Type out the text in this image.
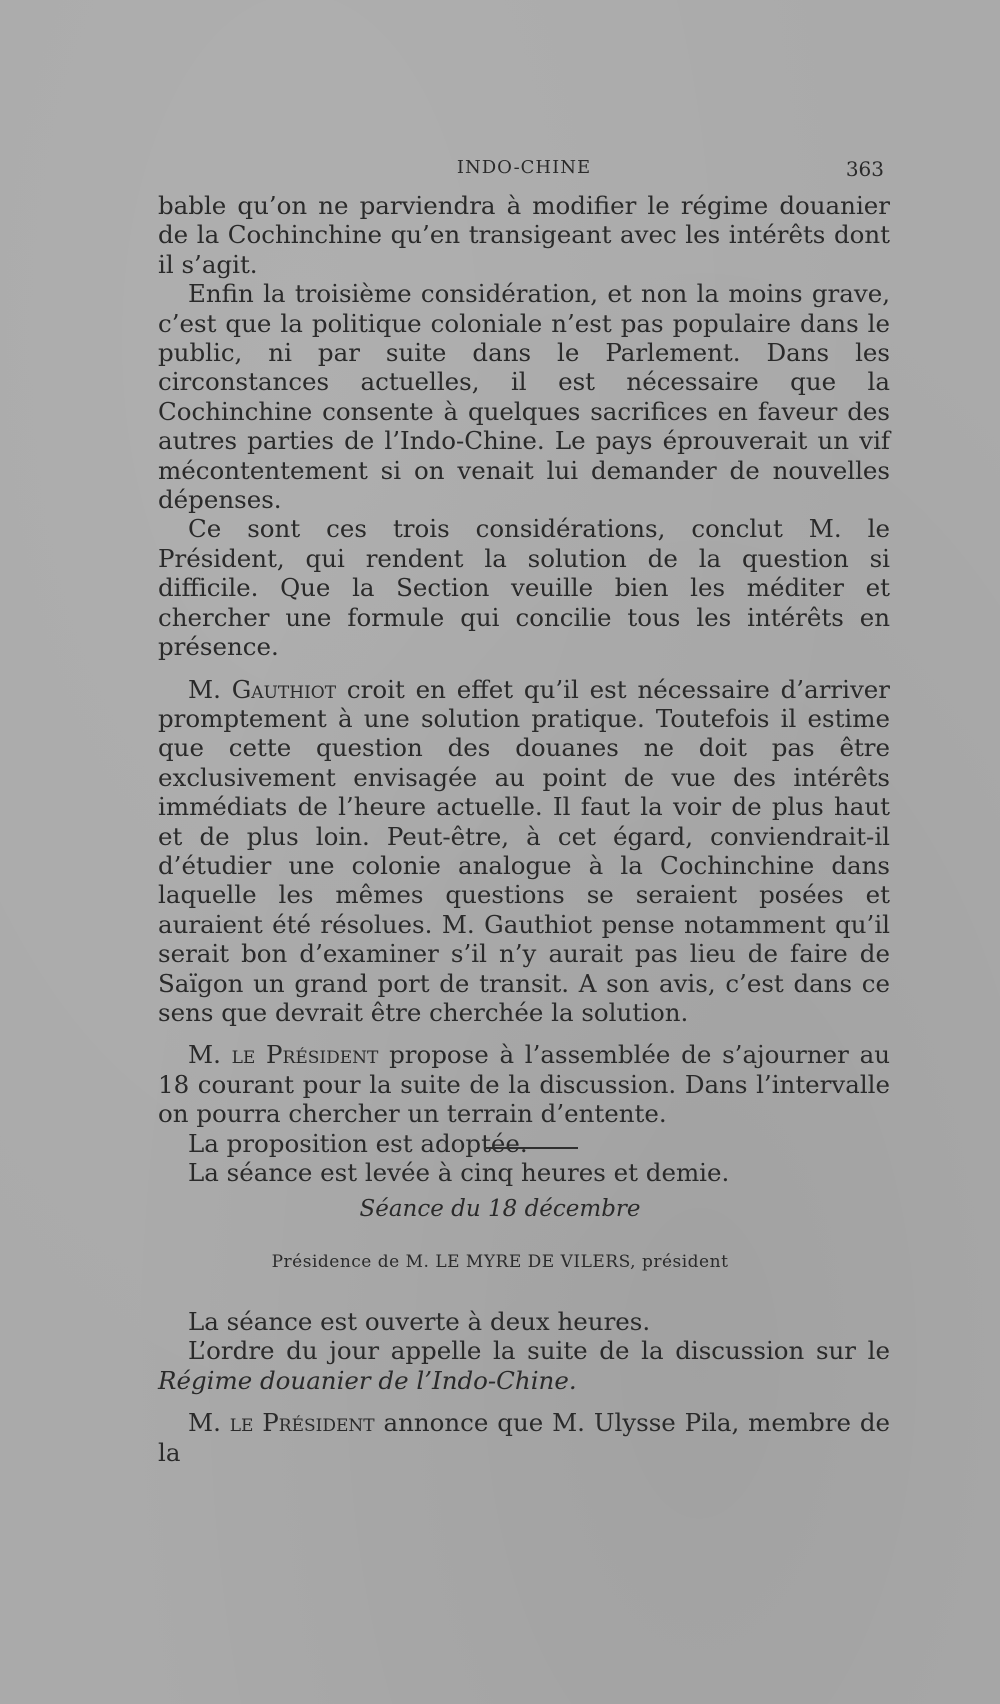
INDO-CHINE	363

bable qu’on ne parviendra à modifier le régime douanier de la Cochinchine qu’en transigeant avec les intérêts dont il s’agit.

Enfin la troisième considération, et non la moins grave, c’est que la politique coloniale n’est pas populaire dans le public, ni par suite dans le Parlement. Dans les circonstances actuelles, il est nécessaire que la Cochinchine consente à quelques sacrifices en faveur des autres parties de l’Indo-Chine. Le pays éprouverait un vif mécontentement si on venait lui demander de nouvelles dépenses.

Ce sont ces trois considérations, conclut M. le Président, qui rendent la solution de la question si difficile. Que la Section veuille bien les méditer et chercher une formule qui concilie tous les intérêts en présence.

M. Gauthiot croit en effet qu’il est nécessaire d’arriver promptement à une solution pratique. Toutefois il estime que cette question des douanes ne doit pas être exclusivement envisagée au point de vue des intérêts immédiats de l’heure actuelle. Il faut la voir de plus haut et de plus loin. Peut-être, à cet égard, conviendrait-il d’étudier une colonie analogue à la Cochinchine dans laquelle les mêmes questions se seraient posées et auraient été résolues. M. Gauthiot pense notamment qu’il serait bon d’examiner s’il n’y aurait pas lieu de faire de Saïgon un grand port de transit. A son avis, c’est dans ce sens que devrait être cherchée la solution.

M. le Président propose à l’assemblée de s’ajourner au 18 courant pour la suite de la discussion. Dans l’intervalle on pourra chercher un terrain d’entente.

La proposition est adoptée.

La séance est levée à cinq heures et demie.

Séance du 18 décembre
Présidence de M. LE MYRE DE VILERS, président

La séance est ouverte à deux heures.

L’ordre du jour appelle la suite de la discussion sur le Régime douanier de l’Indo-Chine.

M. le Président annonce que M. Ulysse Pila, membre de la
